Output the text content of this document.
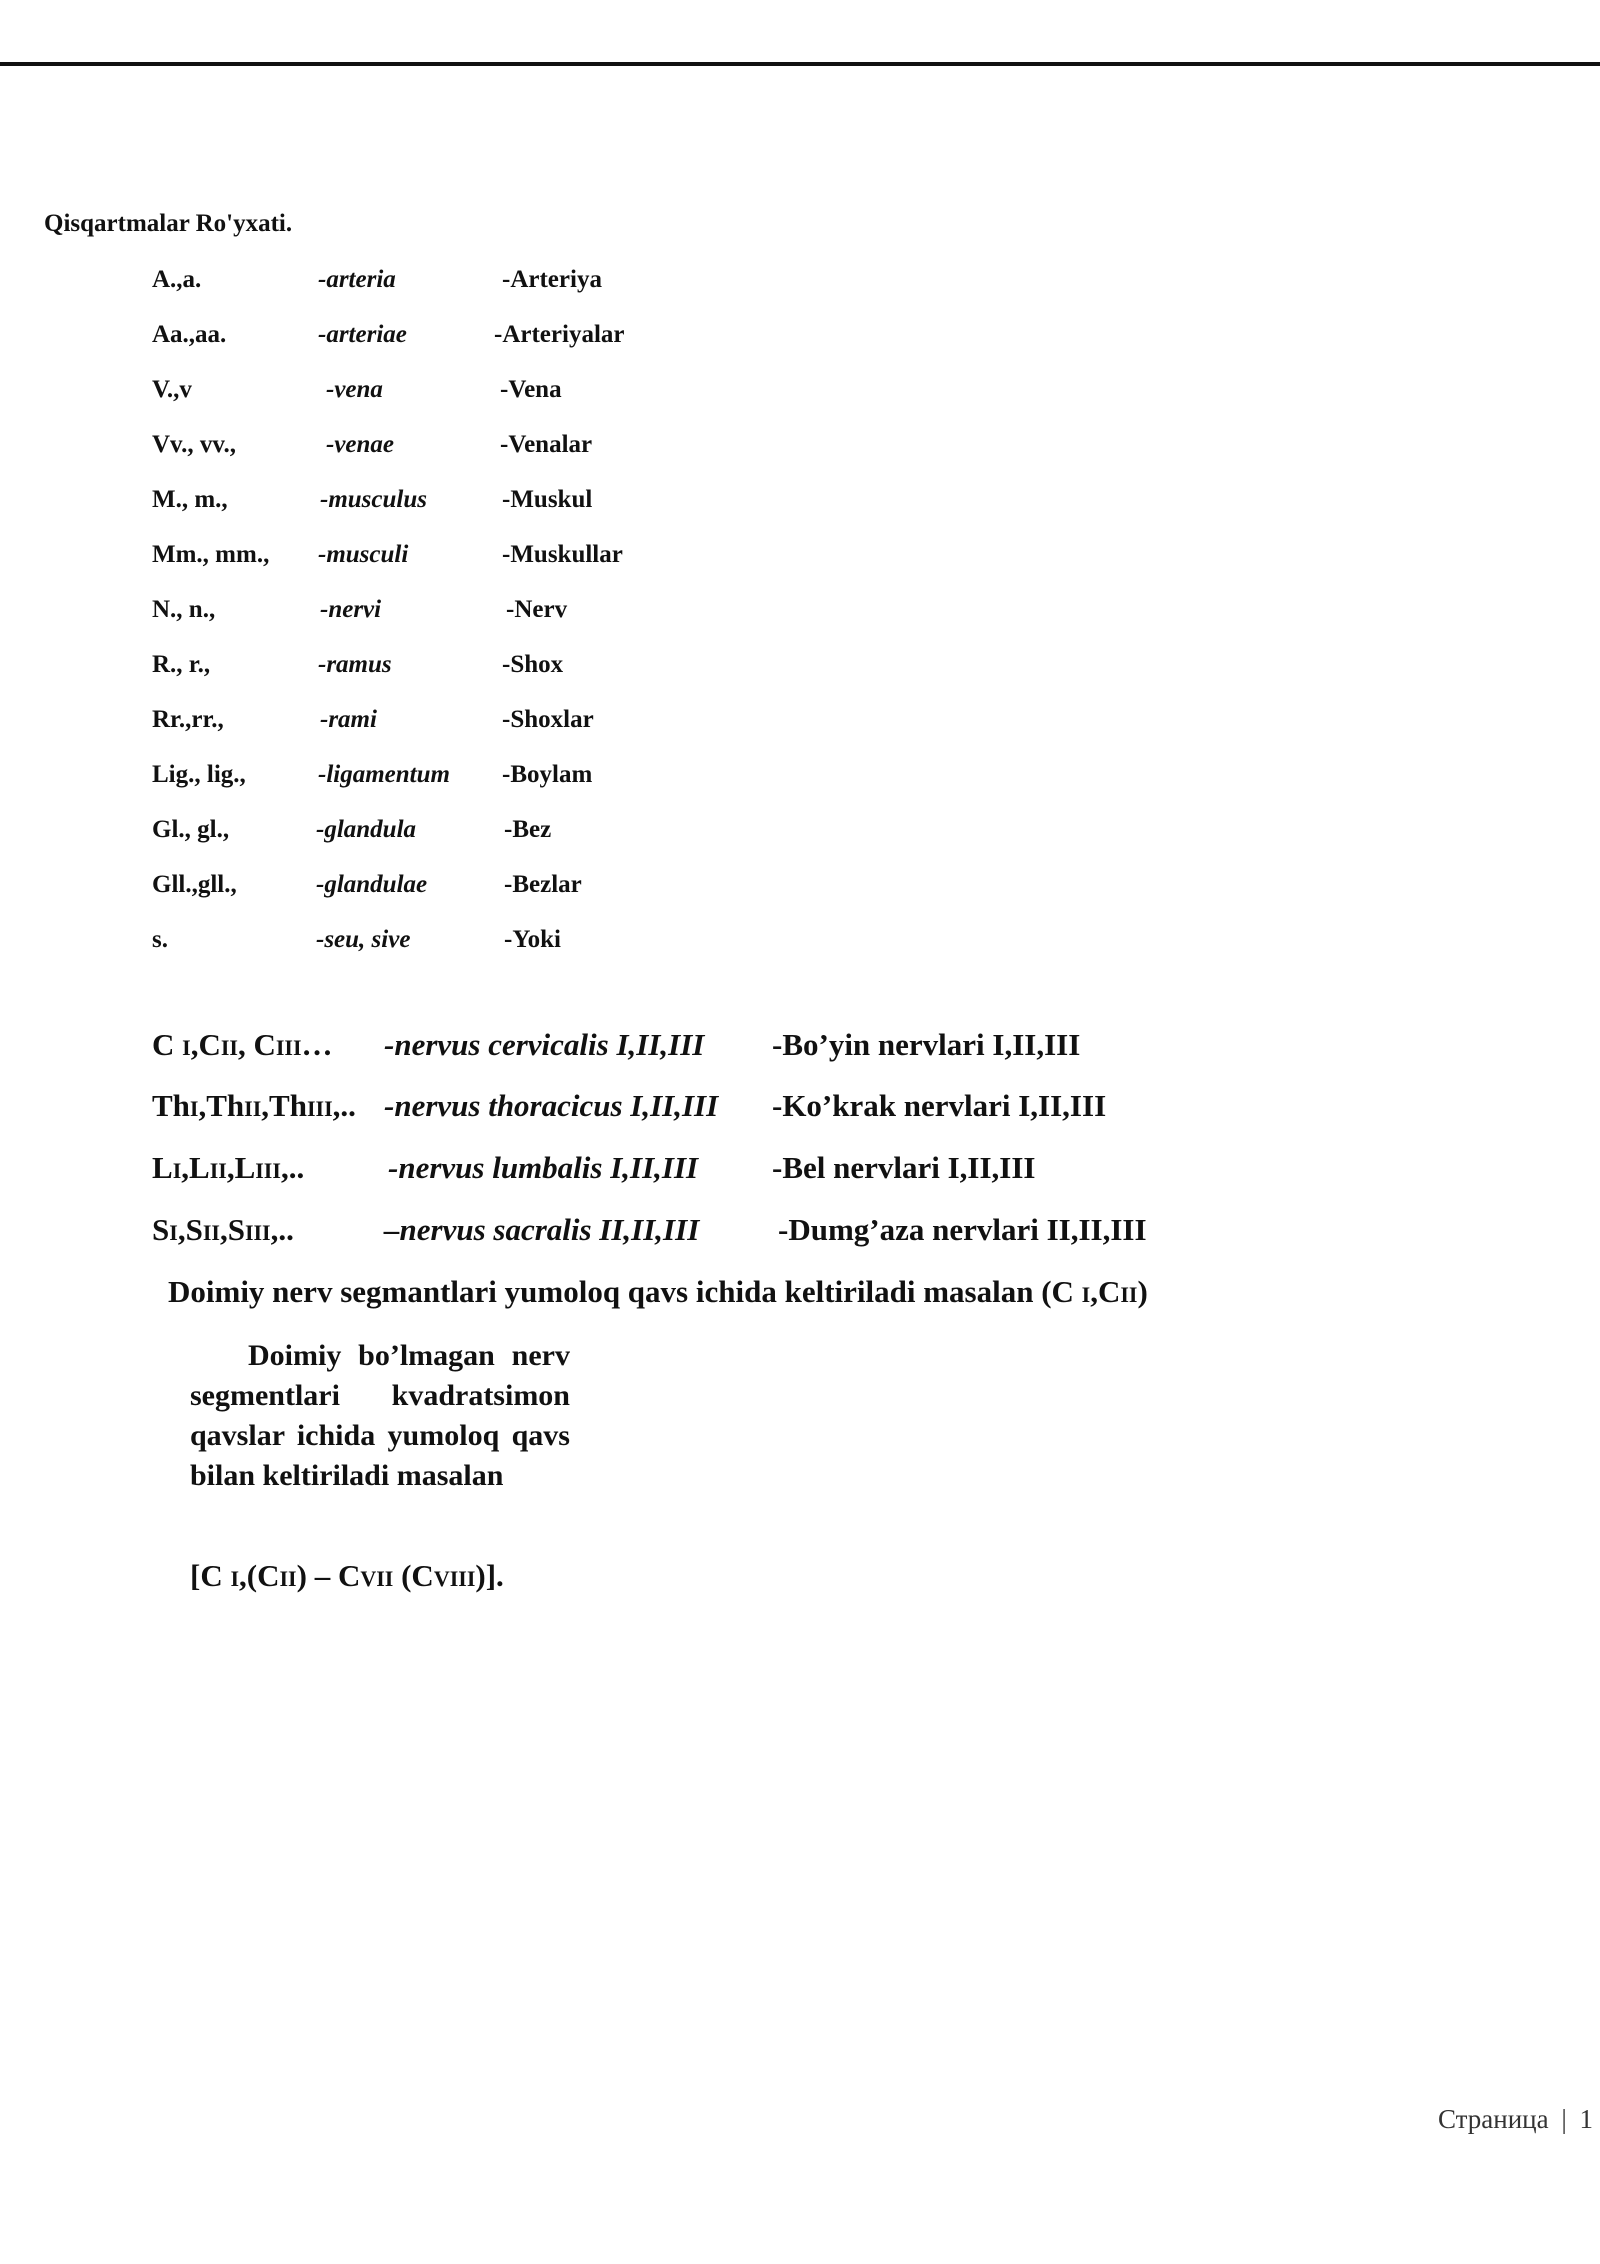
Qisqartmalar Ro'yxati.
A.,a.	-arteria	-Arteriya
Aa.,aa.	-arteriae	-Arteriyalar
V.,v	-vena	-Vena
Vv., vv.,	-venae	-Venalar
M., m.,	-musculus	-Muskul
Mm., mm., -musculi	-Muskullar
N., n.,	-nervi	-Nerv
R., r.,	-ramus	-Shox
Rr.,rr.,	-rami	-Shoxlar
Lig., lig.,	-ligamentum -Boylam
Gl., gl.,	-glandula	-Bez
Gll.,gll.,	-glandulae	-Bezlar
s.	-seu, sive	-Yoki
C I,CII, CIII… -nervus cervicalis I,II,III -Bo’yin nervlari I,II,III
ThI,ThII,ThIII,.. -nervus thoracicus I,II,III -Ko’krak nervlari I,II,III
LI,LII,LIII,..	-nervus lumbalis I,II,III -Bel nervlari I,II,III
SI,SII,SIII,..	–nervus sacralis II,II,III	-Dumg’aza nervlari II,II,III
Doimiy nerv segmantlari yumoloq qavs ichida keltiriladi masalan (C I,CII)
Doimiy bo’lmagan nerv segmentlari kvadratsimon qavslar ichida yumoloq qavs bilan keltiriladi masalan
[C I,(CII) – CVII (CVIII)].
Страница | 1
